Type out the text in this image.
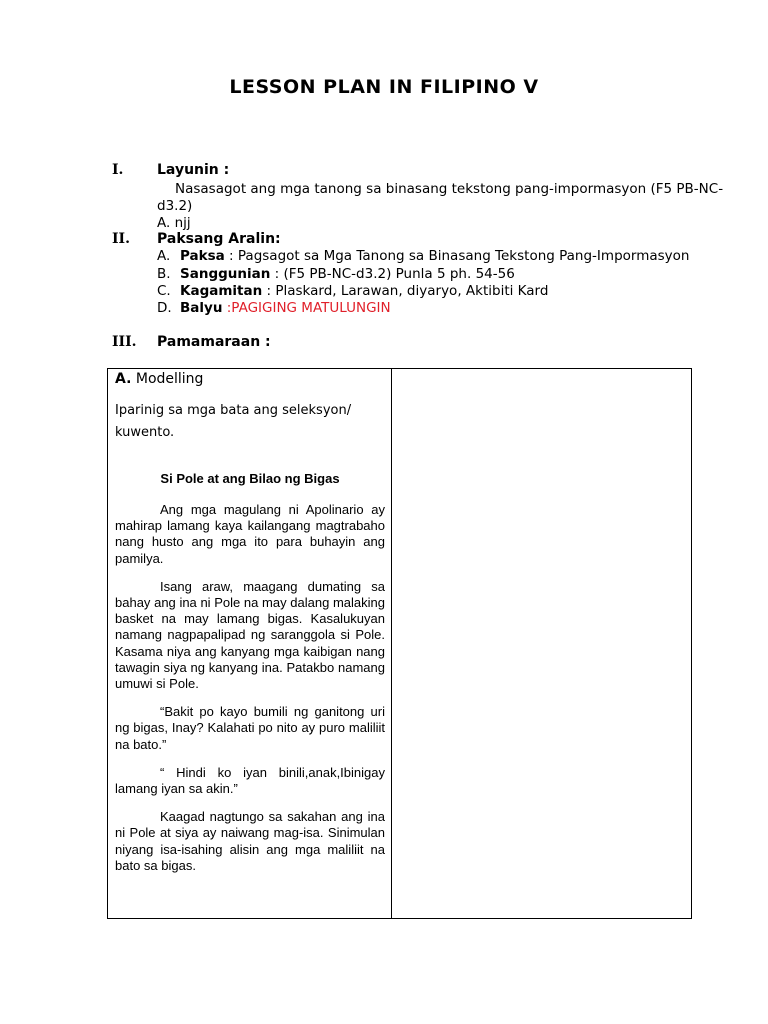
LESSON PLAN IN FILIPINO V
I. Layunin :
Nasasagot ang mga tanong sa binasang tekstong pang-impormasyon (F5 PB-NC-
d3.2)
A. njj
II. Paksang Aralin:
A. Paksa : Pagsagot sa Mga Tanong sa Binasang Tekstong Pang-Impormasyon
B. Sanggunian : (F5 PB-NC-d3.2) Punla 5 ph. 54-56
C. Kagamitan : Plaskard, Larawan, diyaryo, Aktibiti Kard
D. Balyu :PAGIGING MATULUNGIN
III. Pamamaraan :
A. Modelling
Iparinig sa mga bata ang seleksyon/ kuwento.
Si Pole at ang Bilao ng Bigas

Ang mga magulang ni Apolinario ay mahirap lamang kaya kailangang magtrabaho nang husto ang mga ito para buhayin ang pamilya.

Isang araw, maagang dumating sa bahay ang ina ni Pole na may dalang malaking basket na may lamang bigas. Kasalukuyan namang nagpapalipad ng saranggola si Pole. Kasama niya ang kanyang mga kaibigan nang tawagin siya ng kanyang ina. Patakbo namang umuwi si Pole.

“Bakit po kayo bumili ng ganitong uri ng bigas, Inay? Kalahati po nito ay puro maliliit na bato.”

“ Hindi ko iyan binili,anak,Ibinigay lamang iyan sa akin.”

Kaagad nagtungo sa sakahan ang ina ni Pole at siya ay naiwang mag-isa. Sinimulan niyang isa-isahing alisin ang mga maliliit na bato sa bigas.
